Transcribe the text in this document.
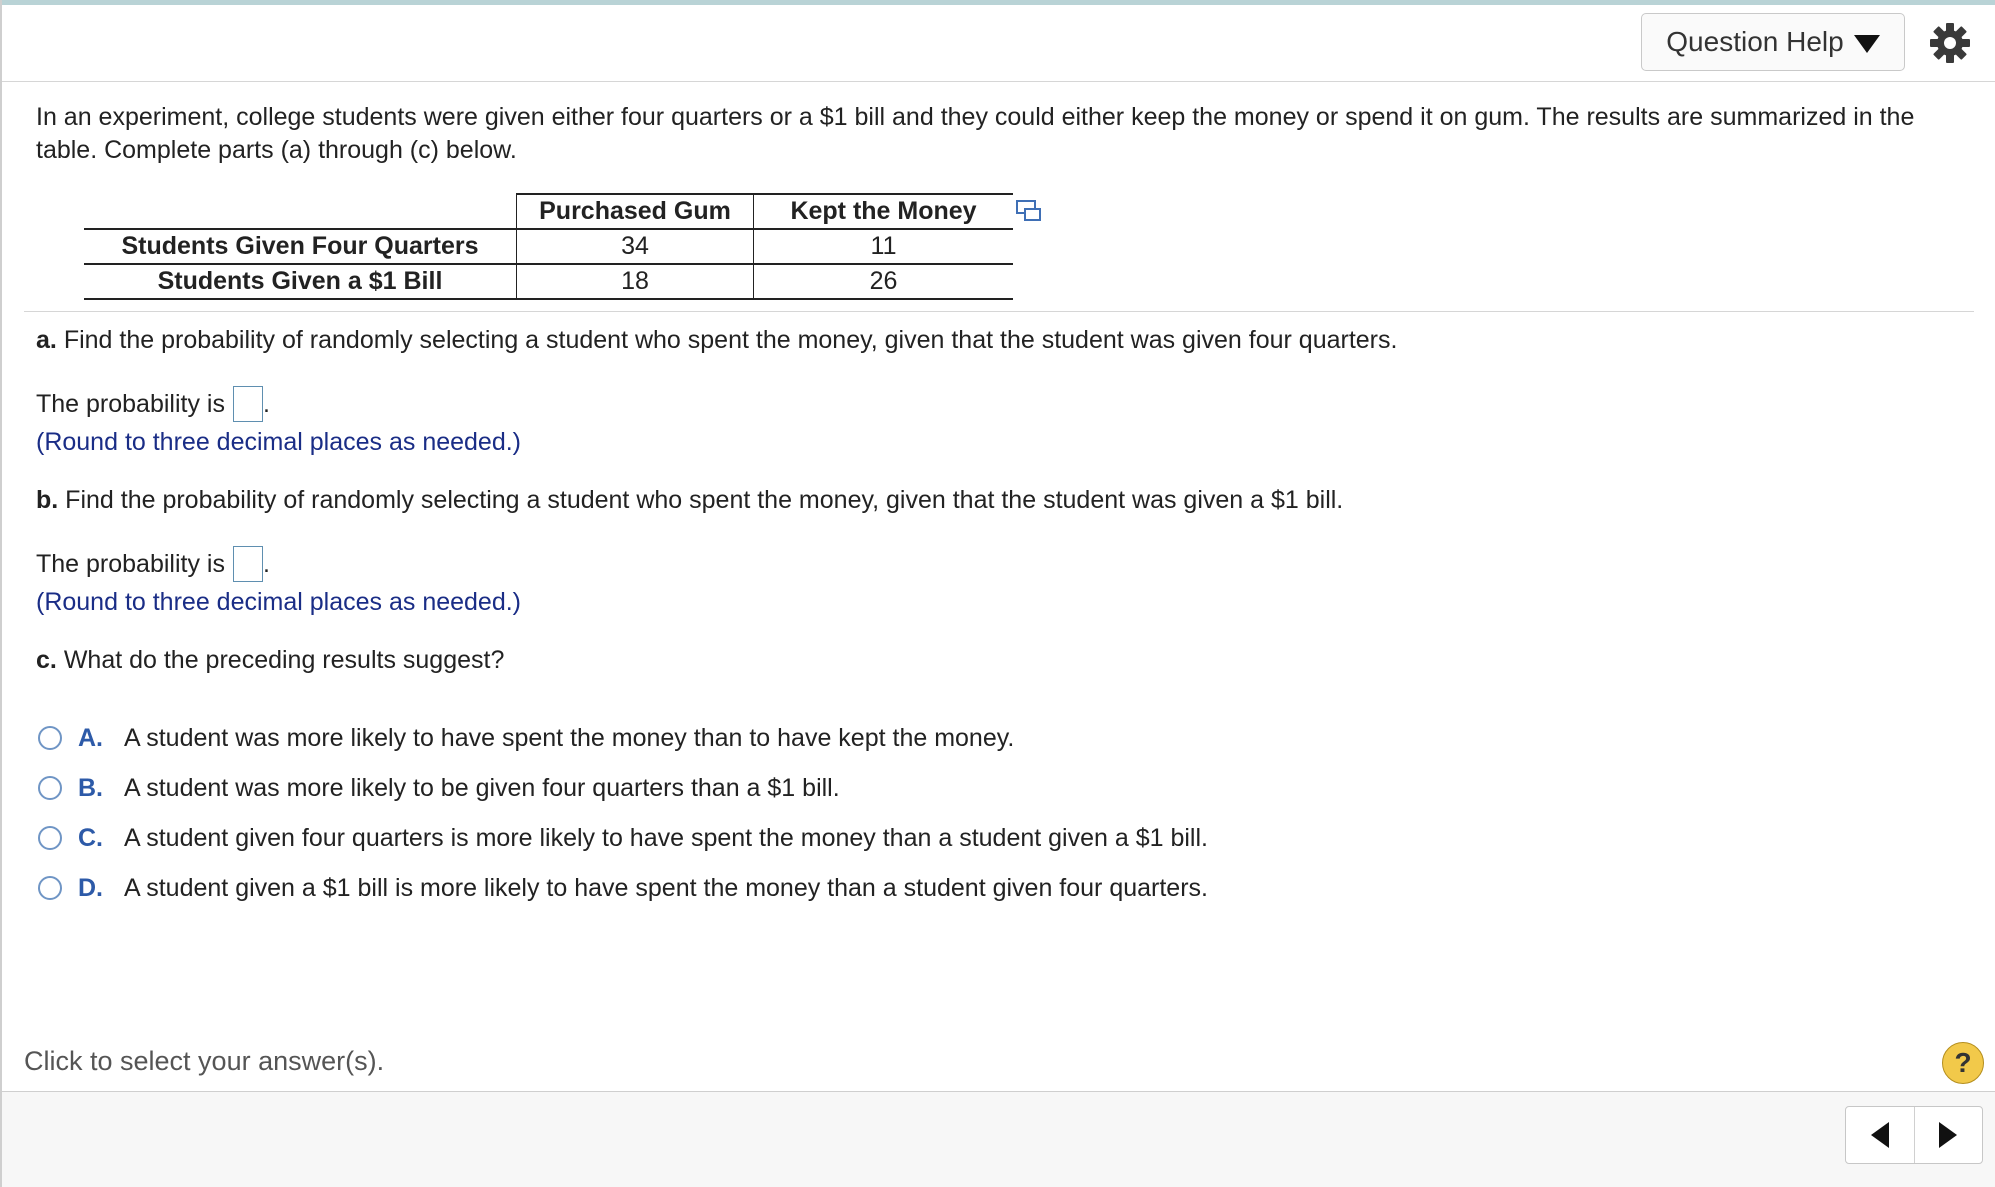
Question Help
In an experiment, college students were given either four quarters or a $1 bill and they could either keep the money or spend it on gum. The results are summarized in the table. Complete parts (a) through (c) below.
	Purchased Gum	Kept the Money
Students Given Four Quarters	34	11
Students Given a $1 Bill	18	26
a. Find the probability of randomly selecting a student who spent the money, given that the student was given four quarters.
The probability is .
(Round to three decimal places as needed.)
b. Find the probability of randomly selecting a student who spent the money, given that the student was given a $1 bill.
The probability is .
(Round to three decimal places as needed.)
c. What do the preceding results suggest?
A. A student was more likely to have spent the money than to have kept the money.
B. A student was more likely to be given four quarters than a $1 bill.
C. A student given four quarters is more likely to have spent the money than a student given a $1 bill.
D. A student given a $1 bill is more likely to have spent the money than a student given four quarters.
Click to select your answer(s).	?
